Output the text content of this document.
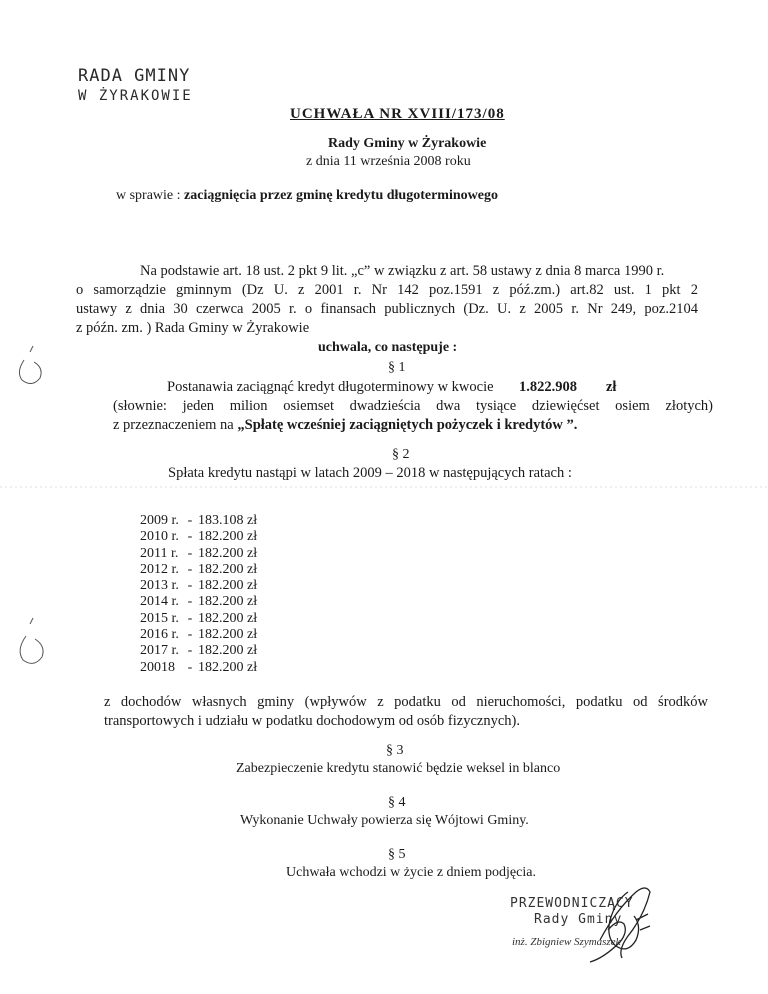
RADA GMINY
W ŻYRAKOWIE
UCHWAŁA NR XVIII/173/08
Rady Gminy w Żyrakowie
z dnia 11 września 2008 roku
w sprawie : zaciągnięcia przez gminę kredytu długoterminowego
Na podstawie art. 18 ust. 2 pkt 9 lit. „c” w związku z art. 58 ustawy z dnia 8 marca 1990 r.
o samorządzie gminnym (Dz U. z 2001 r. Nr 142 poz.1591 z póź.zm.) art.82 ust. 1 pkt 2
ustawy z dnia 30 czerwca 2005 r. o finansach publicznych (Dz. U. z 2005 r. Nr 249, poz.2104
z późn. zm. ) Rada Gminy w Żyrakowie
uchwala, co następuje :
§ 1
Postanawia zaciągnąć kredyt długoterminowy w kwocie 1.822.908 zł
(słownie: jeden milion osiemset dwadzieścia dwa tysiące dziewięćset osiem złotych)
z przeznaczeniem na „Spłatę wcześniej zaciągniętych pożyczek i kredytów ”.
§ 2
Spłata kredytu nastąpi w latach 2009 – 2018 w następujących ratach :
2009 r. - 183.108 zł
2010 r. - 182.200 zł
2011 r. - 182.200 zł
2012 r. - 182.200 zł
2013 r. - 182.200 zł
2014 r. - 182.200 zł
2015 r. - 182.200 zł
2016 r. - 182.200 zł
2017 r. - 182.200 zł
20018 - 182.200 zł
z dochodów własnych gminy (wpływów z podatku od nieruchomości, podatku od środków
transportowych i udziału w podatku dochodowym od osób fizycznych).
§ 3
Zabezpieczenie kredytu stanowić będzie weksel in blanco
§ 4
Wykonanie Uchwały powierza się Wójtowi Gminy.
§ 5
Uchwała wchodzi w życie z dniem podjęcia.
PRZEWODNICZĄCY
Rady Gminy
inż. Zbigniew Szymaszek
